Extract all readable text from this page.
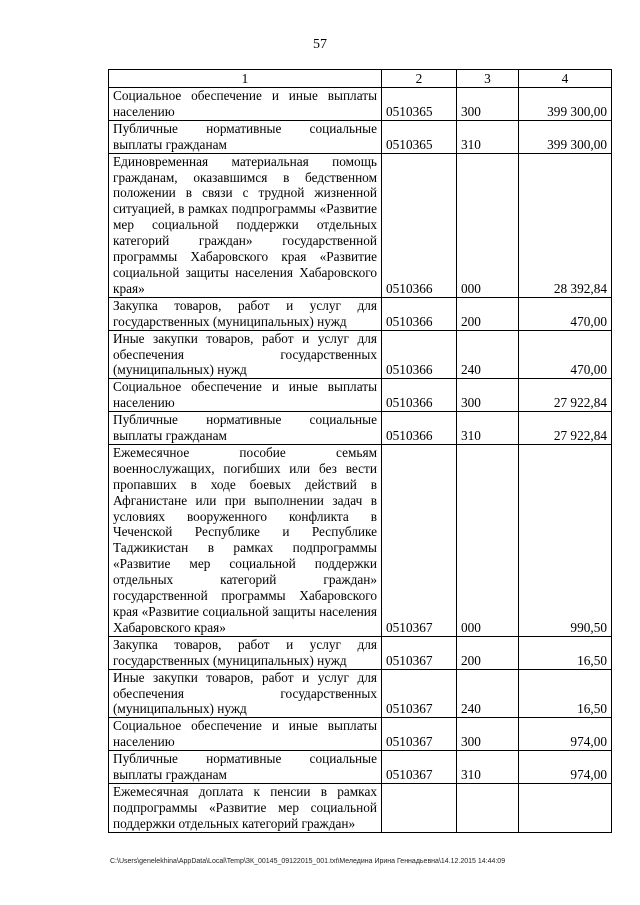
57
1	2	3	4
Социальное обеспечение и иные выплаты населению	0510365	300	399 300,00
Публичные нормативные социальные выплаты гражданам	0510365	310	399 300,00
Единовременная материальная помощь гражданам, оказавшимся в бедственном положении в связи с трудной жизненной ситуацией, в рамках подпрограммы «Развитие мер социальной поддержки отдельных категорий граждан» государственной программы Хабаровского края «Развитие социальной защиты населения Хабаровского края»	0510366	000	28 392,84
Закупка товаров, работ и услуг для государственных (муниципальных) нужд	0510366	200	470,00
Иные закупки товаров, работ и услуг для обеспечения государственных (муниципальных) нужд	0510366	240	470,00
Социальное обеспечение и иные выплаты населению	0510366	300	27 922,84
Публичные нормативные социальные выплаты гражданам	0510366	310	27 922,84
Ежемесячное пособие семьям военнослужащих, погибших или без вести пропавших в ходе боевых действий в Афганистане или при выполнении задач в условиях вооруженного конфликта в Чеченской Республике и Республике Таджикистан в рамках подпрограммы «Развитие мер социальной поддержки отдельных категорий граждан» государственной программы Хабаровского края «Развитие социальной защиты населения Хабаровского края»	0510367	000	990,50
Закупка товаров, работ и услуг для государственных (муниципальных) нужд	0510367	200	16,50
Иные закупки товаров, работ и услуг для обеспечения государственных (муниципальных) нужд	0510367	240	16,50
Социальное обеспечение и иные выплаты населению	0510367	300	974,00
Публичные нормативные социальные выплаты гражданам	0510367	310	974,00
Ежемесячная доплата к пенсии в рамках подпрограммы «Развитие мер социальной поддержки отдельных категорий граждан»			
C:\Users\genelekhina\AppData\Local\Temp\ЗК_00145_09122015_001.txt\Меледина Ирина Геннадьевна\14.12.2015 14:44:09
